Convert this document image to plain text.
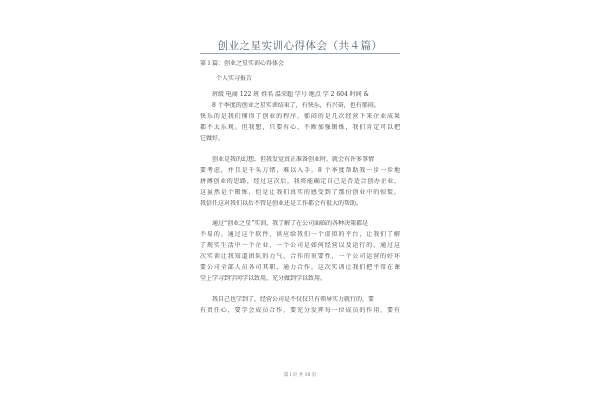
创业之星实训心得体会（共４篇）
第１篇：创业之星实训心得体会
个人实习报告
班级 电商 122 班 姓名 温荣超 学号 地点 学 2 604 时间 &
8 个季度的创业之星实训结束了，有快乐，有兴奋，也有郁闷。
快乐的是我们懂得了创业的程序，郁闷的是几次经营下来企业成果
都不太乐观。但我想，只要有心，不断加强锻炼，我们肯定可以把
它做好。
创业是我的幻想，但我发觉真正准备创业时，就会有许多事情
要考虑，并且是千头万绪，难以入手。8 个季度帮助我一步一步地
拼搏创业的思路，经过这次后，我将能确定自己是否适合创办企业，
这虽然是个锻炼，但是让我们真实的感受到了那份创业中的惊慌，
我信任这对我们以后不管是创业还是工作都会有很大的帮助。
通过“创业之星”实训，我了解了在公司面临的各种决策都是
不易的。通过这个软件，供应给我们一个虚拟的平台，让我们了解
了现实生活中一个企业，一个公司是如何经营以及运行的。通过这
次实训让我知道团队的力气，合作的重要性，一个公司运营的好坏
要公司全部人员各司其职，通力合作。这次实训让我们把平常在课
堂上学习到学问学以致用，充分做到学以致用。
我自己也学到了，经营公司是不仅仅只有领导实力就行的，要
有责任心，要学会成员合作，要充分发挥每一位成员的作用，要有
第１页 共 10 页
